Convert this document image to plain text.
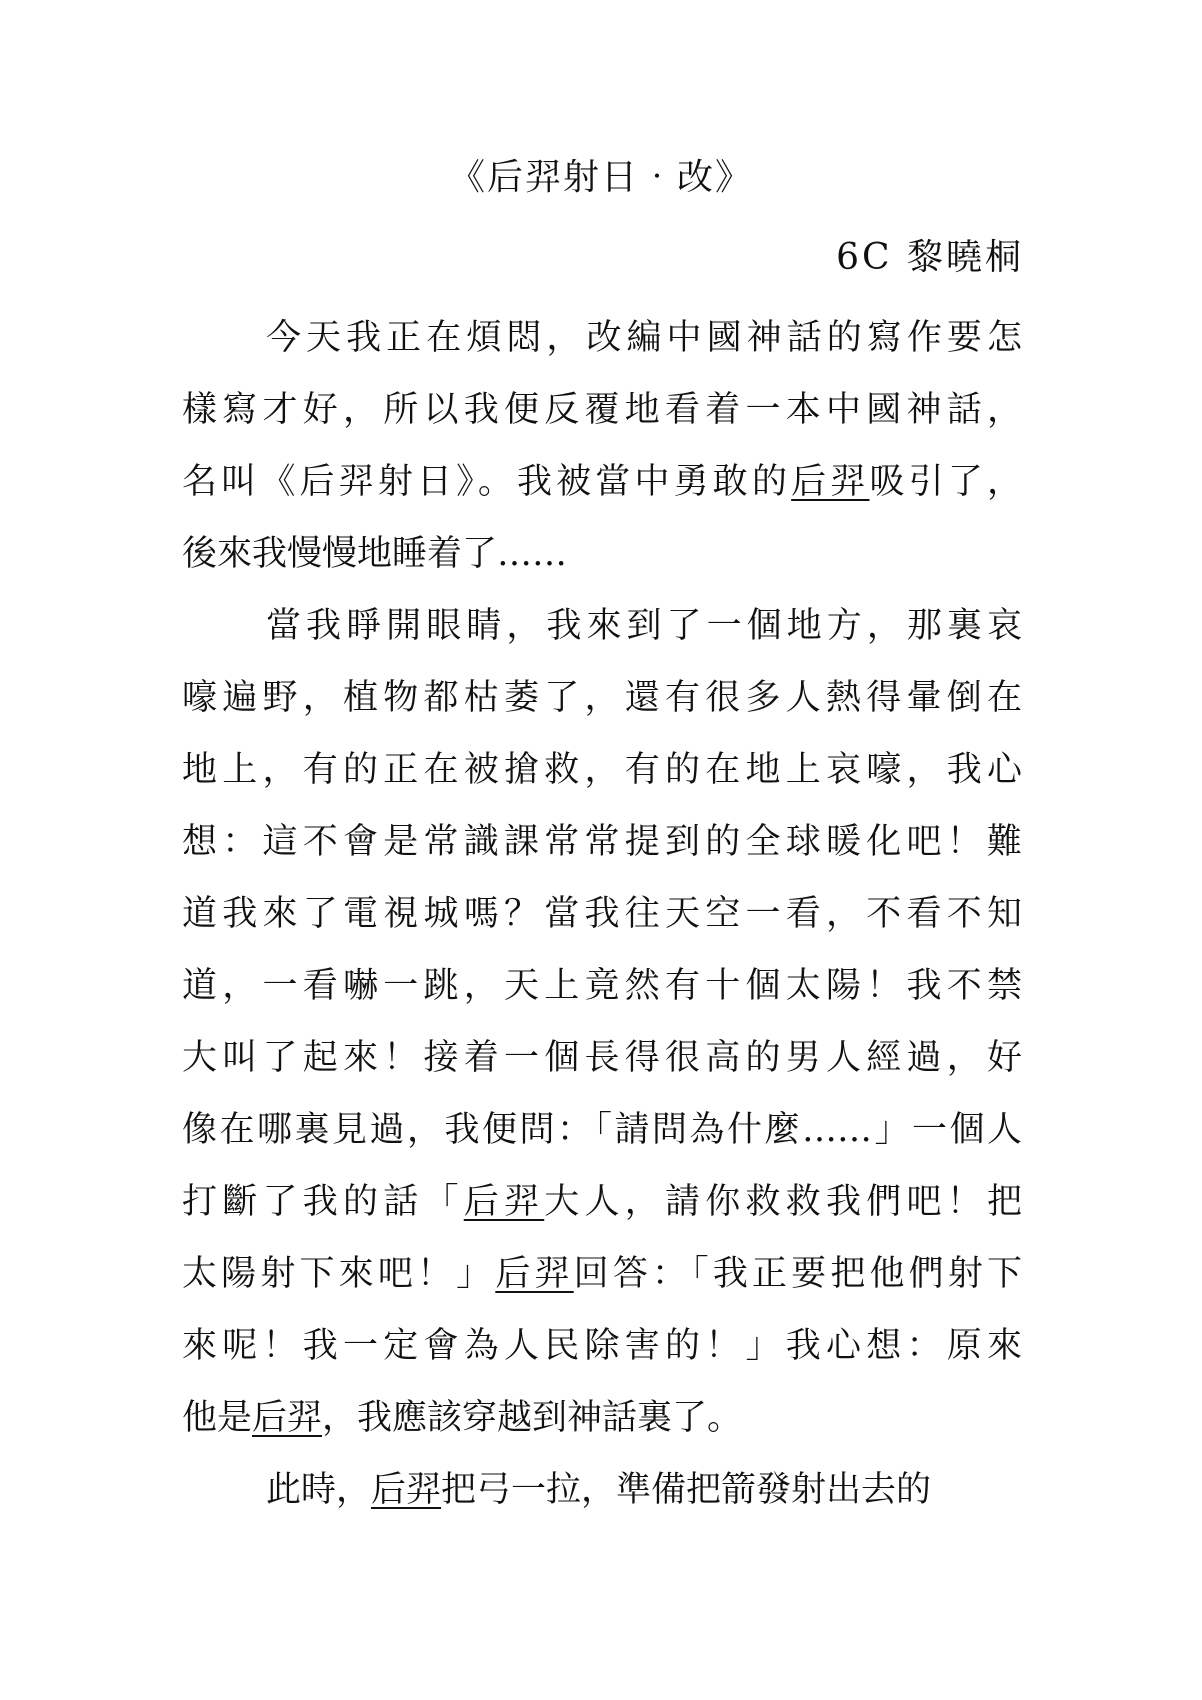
《后羿射日‧改》
6C 黎曉桐
今天我正在煩悶，改編中國神話的寫作要怎
樣寫才好，所以我便反覆地看着一本中國神話，
名叫《后羿射日》。我被當中勇敢的后羿吸引了，
後來我慢慢地睡着了……
當我睜開眼睛，我來到了一個地方，那裏哀
嚎遍野，植物都枯萎了，還有很多人熱得暈倒在
地上，有的正在被搶救，有的在地上哀嚎，我心
想：這不會是常識課常常提到的全球暖化吧！難
道我來了電視城嗎？當我往天空一看，不看不知
道，一看嚇一跳，天上竟然有十個太陽！我不禁
大叫了起來！接着一個長得很高的男人經過，好
像在哪裏見過，我便問：「請問為什麼……」一個人
打斷了我的話「后羿大人，請你救救我們吧！把
太陽射下來吧！」后羿回答：「我正要把他們射下
來呢！我一定會為人民除害的！」我心想：原來
他是后羿，我應該穿越到神話裏了。
此時，后羿把弓一拉，準備把箭發射出去的
